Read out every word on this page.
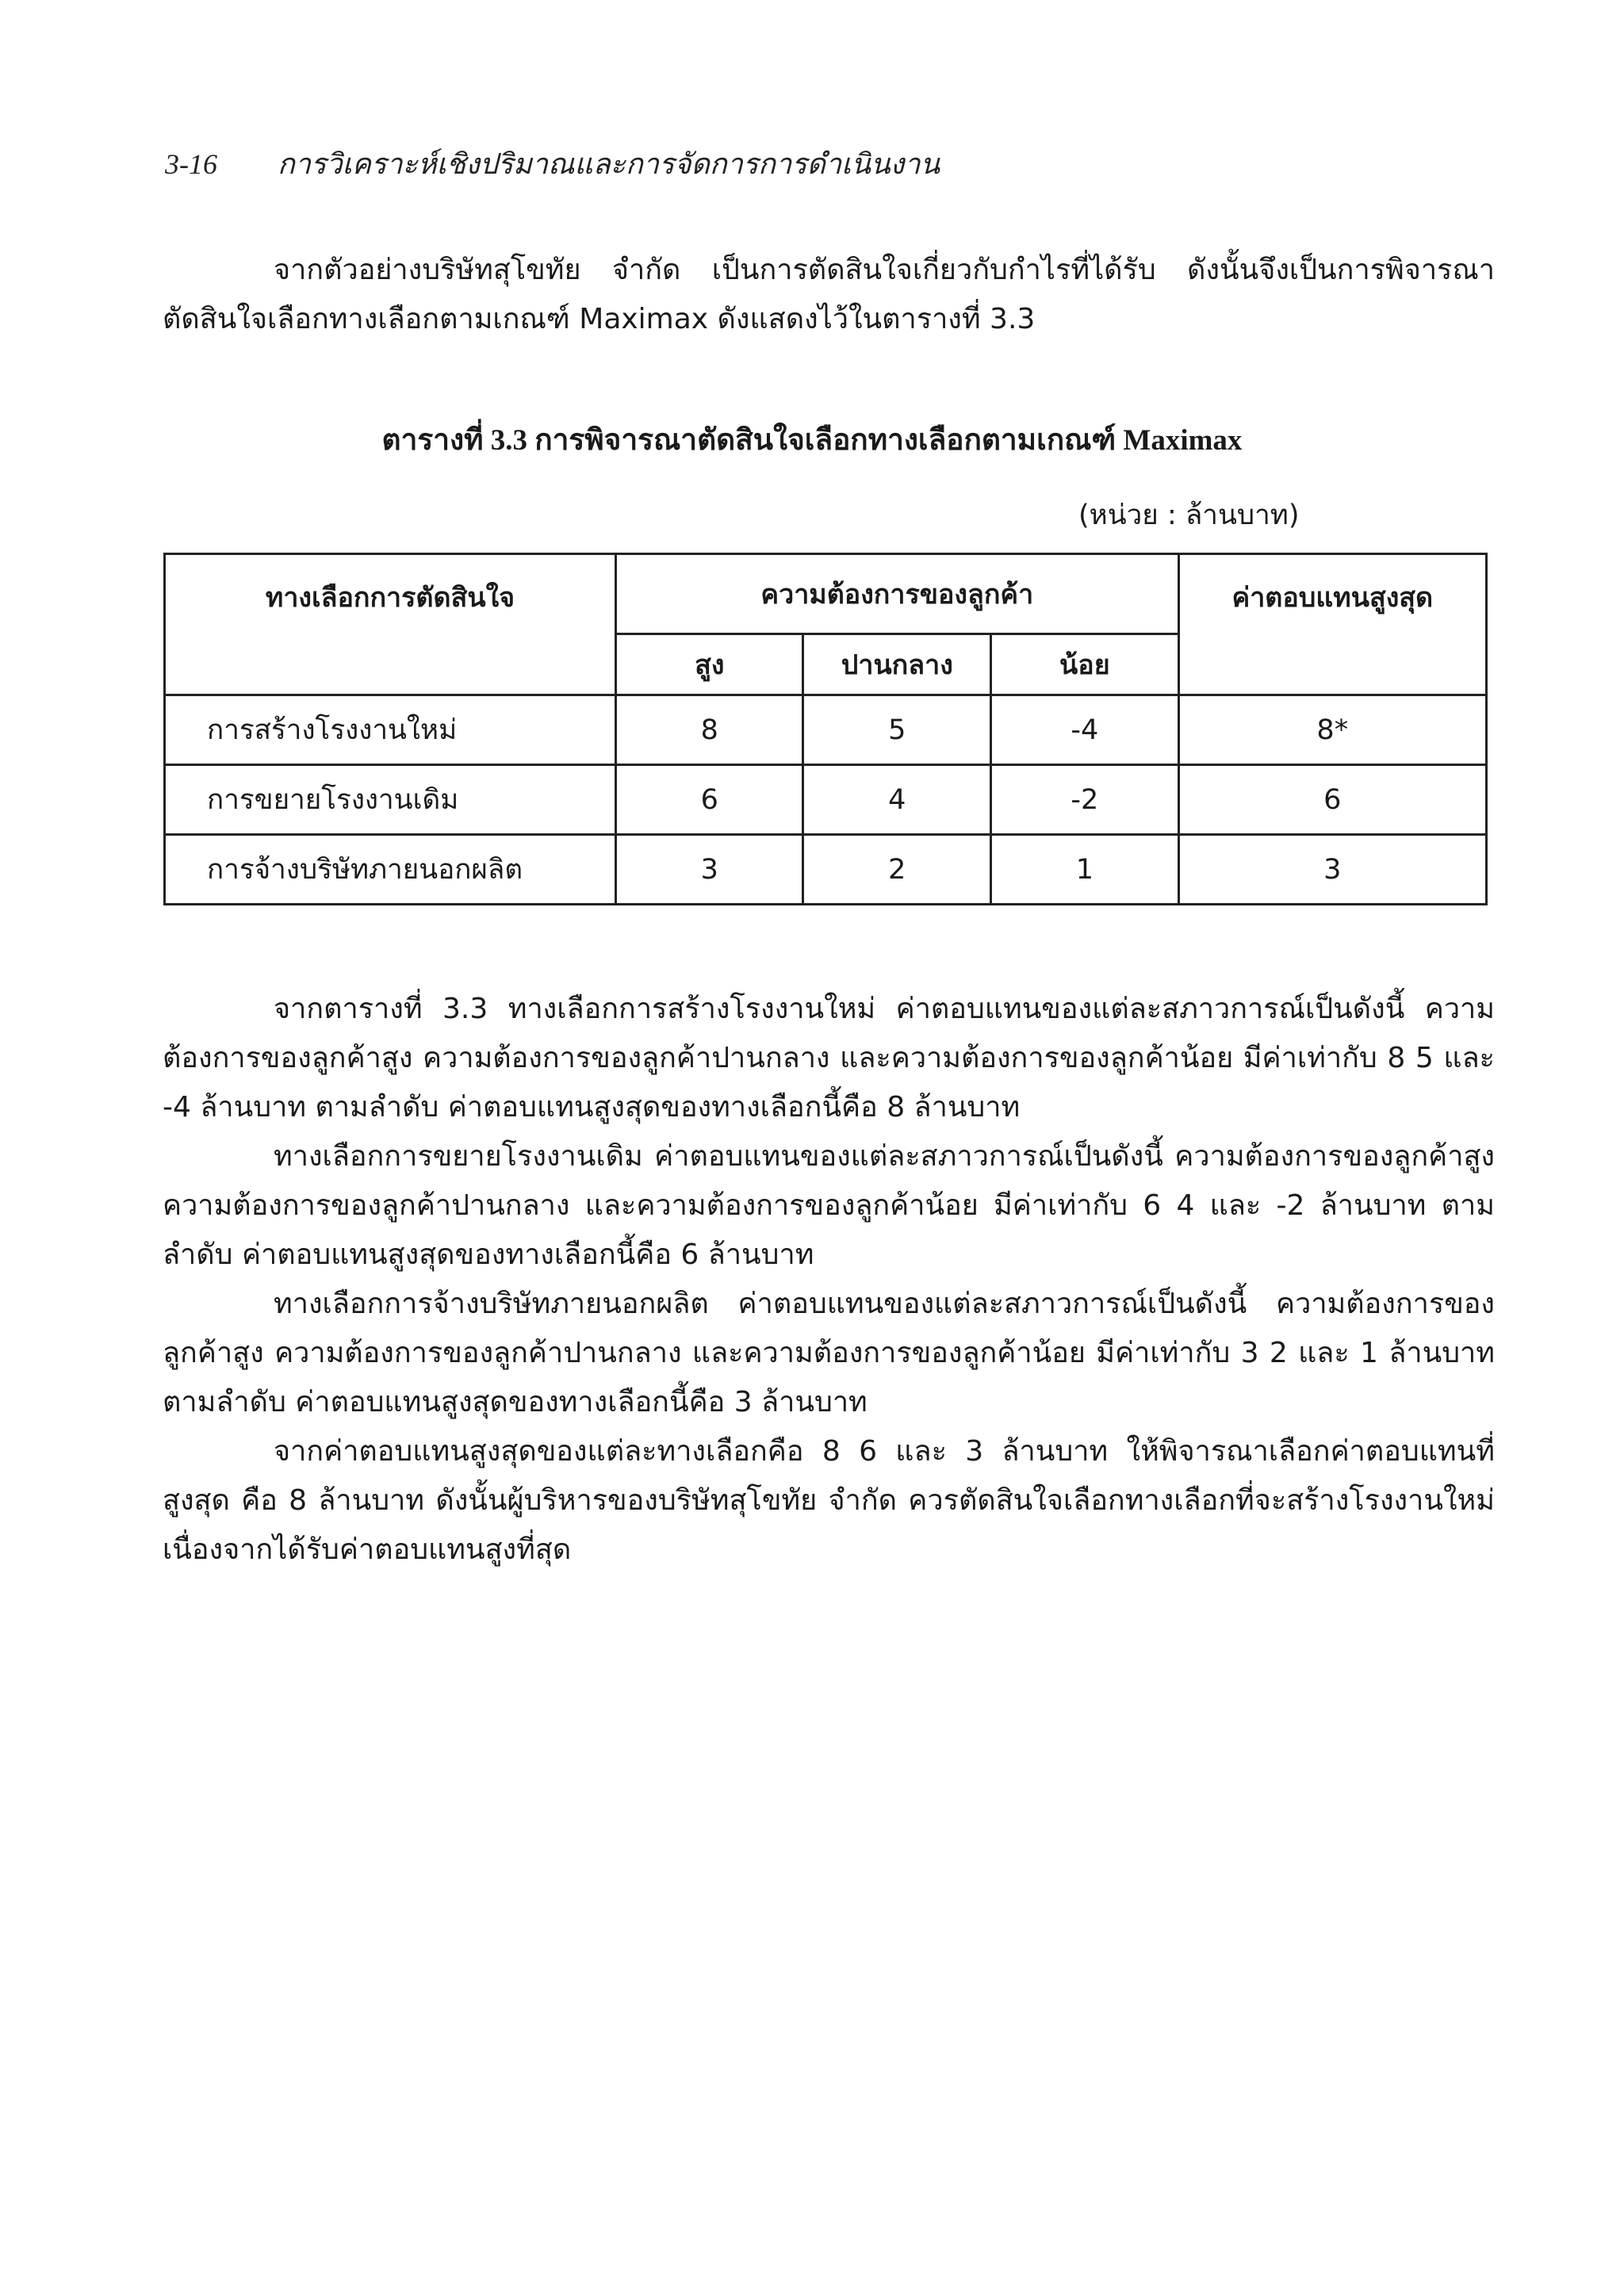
3-16 การวิเคราะห์เชิงปริมาณและการจัดการการดำเนินงาน

จากตัวอย่างบริษัทสุโขทัย จำกัด เป็นการตัดสินใจเกี่ยวกับกำไรที่ได้รับ ดังนั้นจึงเป็นการพิจารณาตัดสินใจเลือกทางเลือกตามเกณฑ์ Maximax ดังแสดงไว้ในตารางที่ 3.3

ตารางที่ 3.3 การพิจารณาตัดสินใจเลือกทางเลือกตามเกณฑ์ Maximax
(หน่วย : ล้านบาท)
ทางเลือกการตัดสินใจ	ความต้องการของลูกค้า			ค่าตอบแทนสูงสุด
	สูง	ปานกลาง	น้อย	
การสร้างโรงงานใหม่	8	5	-4	8*
การขยายโรงงานเดิม	6	4	-2	6
การจ้างบริษัทภายนอกผลิต	3	2	1	3

จากตารางที่ 3.3 ทางเลือกการสร้างโรงงานใหม่ ค่าตอบแทนของแต่ละสภาวการณ์เป็นดังนี้ ความต้องการของลูกค้าสูง ความต้องการของลูกค้าปานกลาง และความต้องการของลูกค้าน้อย มีค่าเท่ากับ 8 5 และ -4 ล้านบาท ตามลำดับ ค่าตอบแทนสูงสุดของทางเลือกนี้คือ 8 ล้านบาท

ทางเลือกการขยายโรงงานเดิม ค่าตอบแทนของแต่ละสภาวการณ์เป็นดังนี้ ความต้องการของลูกค้าสูง ความต้องการของลูกค้าปานกลาง และความต้องการของลูกค้าน้อย มีค่าเท่ากับ 6 4 และ -2 ล้านบาท ตามลำดับ ค่าตอบแทนสูงสุดของทางเลือกนี้คือ 6 ล้านบาท

ทางเลือกการจ้างบริษัทภายนอกผลิต ค่าตอบแทนของแต่ละสภาวการณ์เป็นดังนี้ ความต้องการของลูกค้าสูง ความต้องการของลูกค้าปานกลาง และความต้องการของลูกค้าน้อย มีค่าเท่ากับ 3 2 และ 1 ล้านบาท ตามลำดับ ค่าตอบแทนสูงสุดของทางเลือกนี้คือ 3 ล้านบาท

จากค่าตอบแทนสูงสุดของแต่ละทางเลือกคือ 8 6 และ 3 ล้านบาท ให้พิจารณาเลือกค่าตอบแทนที่สูงสุด คือ 8 ล้านบาท ดังนั้นผู้บริหารของบริษัทสุโขทัย จำกัด ควรตัดสินใจเลือกทางเลือกที่จะสร้างโรงงานใหม่ เนื่องจากได้รับค่าตอบแทนสูงที่สุด
